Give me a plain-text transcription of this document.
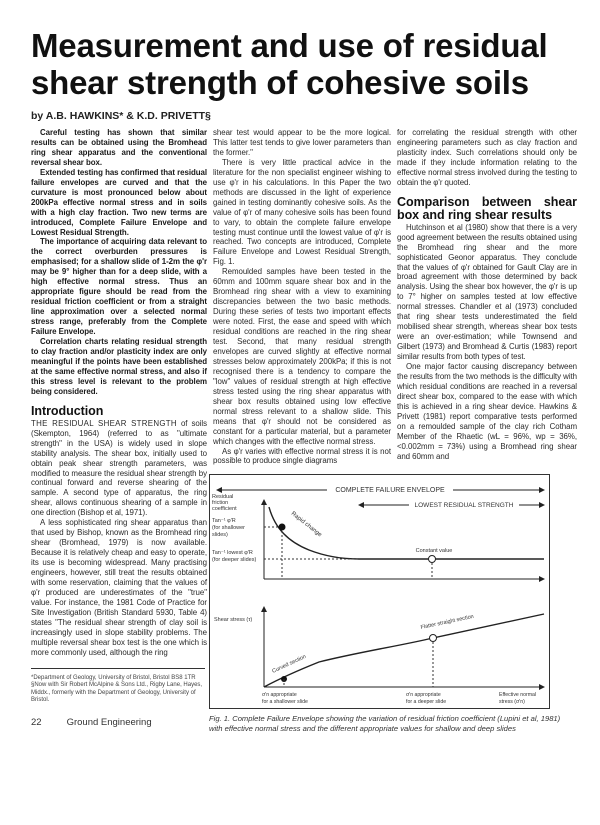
Measurement and use of residual shear strength of cohesive soils
by A.B. HAWKINS* & K.D. PRIVETT§

Careful testing has shown that similar results can be obtained using the Bromhead ring shear apparatus and the conventional reversal shear box.

Extended testing has confirmed that residual failure envelopes are curved and that the curvature is most pronounced below about 200kPa effective normal stress and in soils with a high clay fraction. Two new terms are introduced, Complete Failure Envelope and Lowest Residual Strength.

The importance of acquiring data relevant to the correct overburden pressures is emphasised; for a shallow slide of 1-2m the φ'r may be 9° higher than for a deep slide, with a high effective normal stress. Thus an appropriate figure should be read from the residual friction coefficient or from a straight line approximation over a selected normal stress range, preferably from the Complete Failure Envelope.

Correlation charts relating residual strength to clay fraction and/or plasticity index are only meaningful if the points have been established at the same effective normal stress, and also if this stress level is relevant to the problem being considered.

Introduction

THE RESIDUAL SHEAR STRENGTH of soils (Skempton, 1964) (referred to as "ultimate strength" in the USA) is widely used in slope stability analysis. The shear box, initially used to obtain peak shear strength parameters, was modified to measure the residual shear strength by continual forward and reverse shearing of the sample. A second type of apparatus, the ring shear, allows continuous shearing of a sample in one direction (Bishop et al, 1971).

A less sophisticated ring shear apparatus than that used by Bishop, known as the Bromhead ring shear (Bromhead, 1979) is now available. Because it is relatively cheap and easy to operate, its use is becoming widespread. Many practising engineers, however, still treat the results obtained with some reservation, claiming that the values of φ'r produced are underestimates of the "true" value. For instance, the 1981 Code of Practice for Site Investigation (British Standard 5930, Table 4) states "The residual shear strength of clay soil is increasingly used in slope stability problems. The multiple reversal shear box test is the one which is more commonly used, although the ring

*Department of Geology, University of Bristol, Bristol BS8 1TR
§Now with Sir Robert McAlpine & Sons Ltd., Rigby Lane, Hayes, Middx., formerly with the Department of Geology, University of Bristol.
22	Ground Engineering

shear test would appear to be the more logical. This latter test tends to give lower parameters than the former."

There is very little practical advice in the literature for the non specialist engineer wishing to use φ'r in his calculations. In this Paper the two methods are discussed in the light of experience gained in testing dominantly cohesive soils. As the value of φ'r of many cohesive soils has been found to vary, to obtain the complete failure envelope testing must continue until the lowest value of φ'r is reached. Two concepts are introduced, Complete Failure Envelope and Lowest Residual Strength, Fig. 1.

Remoulded samples have been tested in the 60mm and 100mm square shear box and in the Bromhead ring shear with a view to examining discrepancies between the two basic methods. During these series of tests two important effects were noted. First, the ease and speed with which residual conditions are reached in the ring shear test. Second, that many residual strength envelopes are curved slightly at effective normal stresses below approximately 200kPa; if this is not recognised there is a tendency to compare the "low" values of residual strength at high effective stress tested using the ring shear apparatus with shear box results obtained using low effective normal stress relevant to a shallow slide. This means that φ'r should not be considered as constant for a particular material, but a parameter which changes with the effective normal stress.

As φ'r varies with effective normal stress it is not possible to produce single diagrams

for correlating the residual strength with other engineering parameters such as clay fraction and plasticity index. Such correlations should only be made if they include information relating to the effective normal stress involved during the testing to obtain the φ'r quoted.

Comparison between shear box and ring shear results

Hutchinson et al (1980) show that there is a very good agreement between the results obtained using the Bromhead ring shear and the more sophisticated Geonor apparatus. They conclude that the values of φ'r obtained for Gault Clay are in broad agreement with those determined by back analysis. Using the shear box however, the φ'r is up to 7° higher on samples tested at low effective normal stresses. Chandler et al (1973) concluded that ring shear tests underestimated the field mobilised shear strength, whereas shear box tests were an over-estimation; while Townsend and Gilbert (1973) and Bromhead & Curtis (1983) report similar results from both types of test.

One major factor causing discrepancy between the results from the two methods is the difficulty with which residual conditions are reached in a reversal direct shear box, compared to the ease with which this is achieved in a ring shear device. Hawkins & Privett (1981) report comparative tests performed on a remoulded sample of the clay rich Cotham Member of the Rhaetic (wL = 96%, wp = 36%, <0.002mm = 73%) using a Bromhead ring shear and 60mm and

COMPLETE FAILURE ENVELOPE
LOWEST RESIDUAL STRENGTH
Residual friction coefficient
Tan⁻¹ φ'R (for shallower slides)
Tan⁻¹ lowest φ'R (for deeper slides)
Rapid change
Constant value
Shear stress (τ)
Curved section
Flatter straight section
σ'n appropriate for a shallower slide
σ'n appropriate for a deeper slide
Effective normal stress (σ'n)
Fig. 1. Complete Failure Envelope showing the variation of residual friction coefficient (Lupini et al, 1981) with effective normal stress and the different appropriate values for shallow and deep slides
